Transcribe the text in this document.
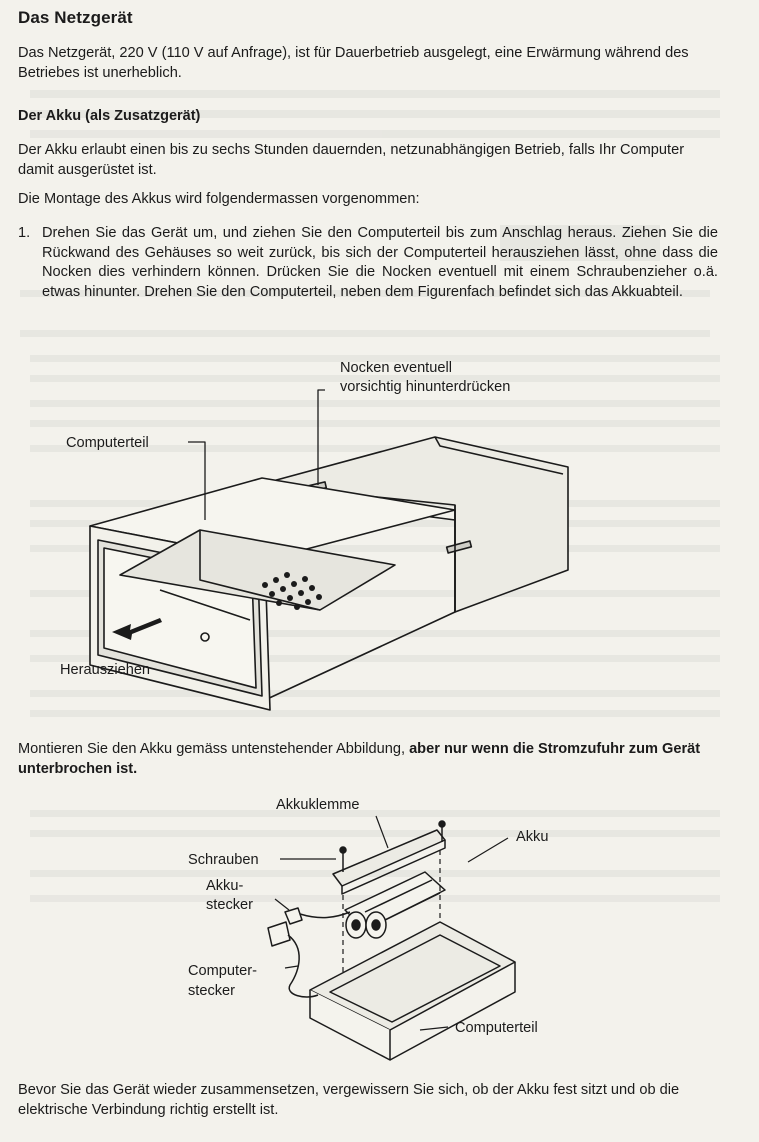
Das Netzgerät

Das Netzgerät, 220 V (110 V auf Anfrage), ist für Dauerbetrieb ausgelegt, eine Erwärmung während des Betriebes ist unerheblich.

Der Akku (als Zusatzgerät)

Der Akku erlaubt einen bis zu sechs Stunden dauernden, netzunabhängigen Betrieb, falls Ihr Computer damit ausgerüstet ist.

Die Montage des Akkus wird folgendermassen vorgenommen:

1. Drehen Sie das Gerät um, und ziehen Sie den Computerteil bis zum Anschlag heraus. Ziehen Sie die Rückwand des Gehäuses so weit zurück, bis sich der Computerteil herausziehen lässt, ohne dass die Nocken dies verhindern können. Drücken Sie die Nocken eventuell mit einem Schraubenzieher o.ä. etwas hinunter. Drehen Sie den Computerteil, neben dem Figurenfach befindet sich das Akkuabteil.
Nocken eventuell
vorsichtig hinunterdrücken
Computerteil
Herausziehen

Montieren Sie den Akku gemäss untenstehender Abbildung, aber nur wenn die Stromzufuhr zum Gerät unterbrochen ist.

Akkuklemme
Akku
Schrauben
Akku-
stecker
Computer-
stecker
Computerteil

Bevor Sie das Gerät wieder zusammensetzen, vergewissern Sie sich, ob der Akku fest sitzt und ob die elektrische Verbindung richtig erstellt ist.
